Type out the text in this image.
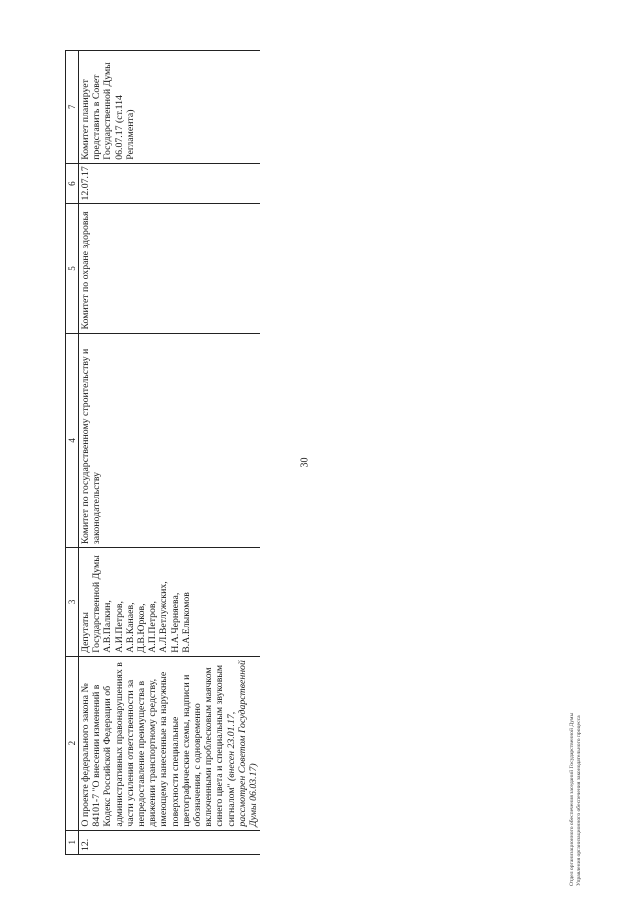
30
1	2	3	4	5	6	7
12.	О проекте федерального закона № 84101-7 "О внесении изменений в Кодекс Российской Федерации об административных правонарушениях в части усиления ответственности за непредоставление преимущества в движении транспортному средству, имеющему нанесенные на наружные поверхности специальные цветографические схемы, надписи и обозначения, с одновременно включенными проблесковым маячком синего цвета и специальным звуковым сигналом" (внесен 23.01.17, рассмотрен Советом Государственной Думы 06.03.17)	Депутаты Государственной Думы А.В.Палкин, А.И.Петров, А.В.Канаев, Д.В.Юрков, А.П.Петров, А.Л.Ветлужских, Н.А.Черняева, В.А.Елыкомов	Комитет по государственному строительству и законодательству	Комитет по охране здоровья	12.07.17	Комитет планирует представить в Совет Государственной Думы 06.07.17 (ст.114 Регламента)
Отдел организационного обеспечения заседаний Государственной Думы Управления организационного обеспечения законодательного процесса
